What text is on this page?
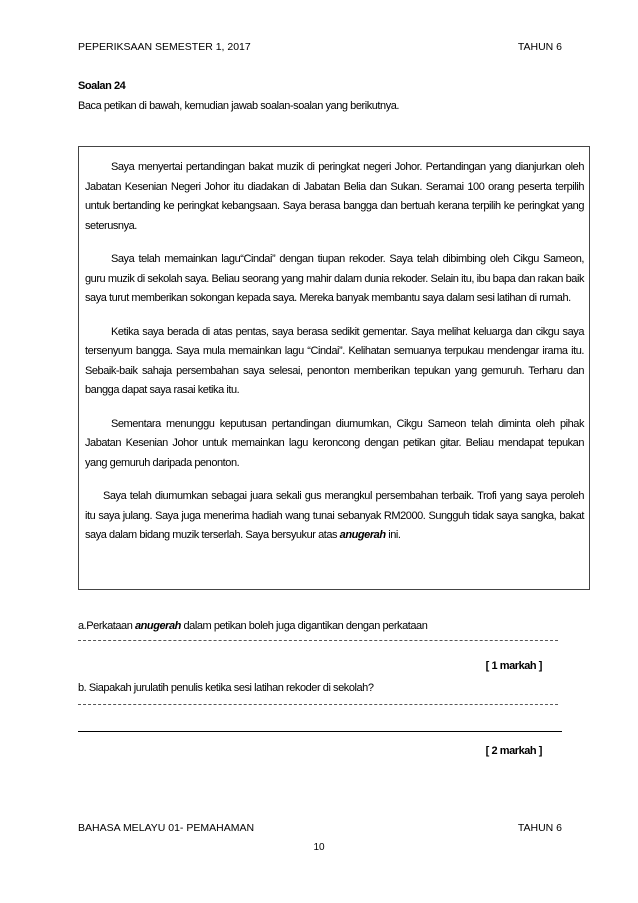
PEPERIKSAAN SEMESTER 1, 2017	TAHUN 6
Soalan 24
Baca petikan di bawah, kemudian jawab soalan-soalan yang berikutnya.

Saya menyertai pertandingan bakat muzik di peringkat negeri Johor. Pertandingan yang dianjurkan oleh Jabatan Kesenian Negeri Johor itu diadakan di Jabatan Belia dan Sukan. Seramai 100 orang peserta terpilih untuk bertanding ke peringkat kebangsaan. Saya berasa bangga dan bertuah kerana terpilih ke peringkat yang seterusnya.

Saya telah memainkan lagu“Cindai” dengan tiupan rekoder. Saya telah dibimbing oleh Cikgu Sameon, guru muzik di sekolah saya. Beliau seorang yang mahir dalam dunia rekoder. Selain itu, ibu bapa dan rakan baik saya turut memberikan sokongan kepada saya. Mereka banyak membantu saya dalam sesi latihan di rumah.

Ketika saya berada di atas pentas, saya berasa sedikit gementar. Saya melihat keluarga dan cikgu saya tersenyum bangga. Saya mula memainkan lagu “Cindai”. Kelihatan semuanya terpukau mendengar irama itu. Sebaik-baik sahaja persembahan saya selesai, penonton memberikan tepukan yang gemuruh. Terharu dan bangga dapat saya rasai ketika itu.

Sementara menunggu keputusan pertandingan diumumkan, Cikgu Sameon telah diminta oleh pihak Jabatan Kesenian Johor untuk memainkan lagu keroncong dengan petikan gitar. Beliau mendapat tepukan yang gemuruh daripada penonton.

Saya telah diumumkan sebagai juara sekali gus merangkul persembahan terbaik. Trofi yang saya peroleh itu saya julang. Saya juga menerima hadiah wang tunai sebanyak RM2000. Sungguh tidak saya sangka, bakat saya dalam bidang muzik terserlah. Saya bersyukur atas anugerah ini.

a.Perkataan anugerah dalam petikan boleh juga digantikan dengan perkataan
[ 1 markah ]
b. Siapakah jurulatih penulis ketika sesi latihan rekoder di sekolah?
[ 2 markah ]
BAHASA MELAYU 01- PEMAHAMAN	TAHUN 6
10
